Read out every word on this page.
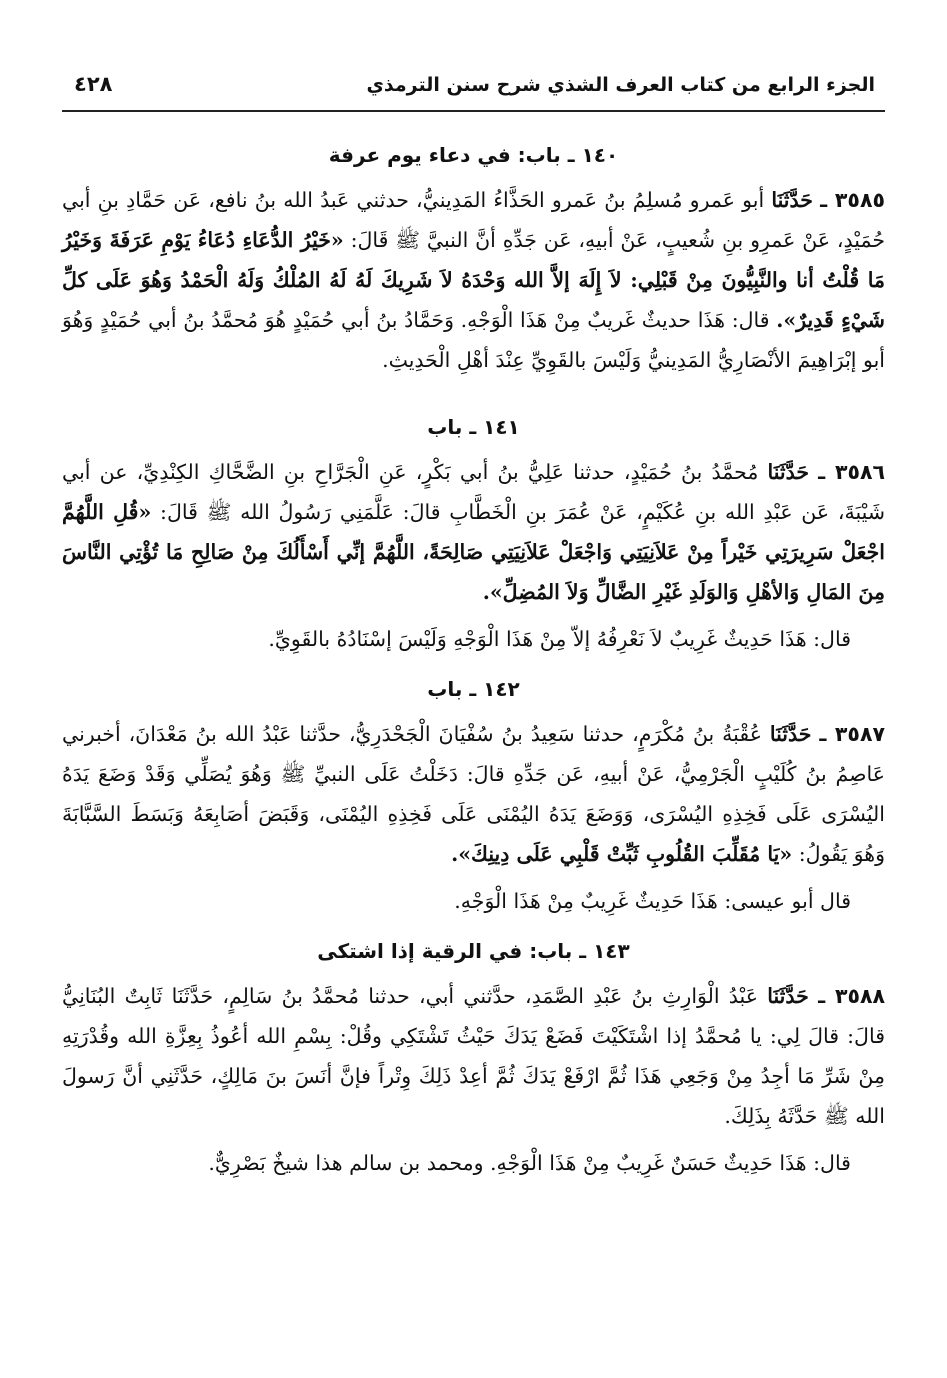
الجزء الرابع من كتاب العرف الشذي شرح سنن الترمذي
٤٢٨
١٤٠ ـ باب: في دعاء يوم عرفة

٣٥٨٥ ـ حَدَّثَنَا أبو عَمرو مُسلِمُ بنُ عَمرو الحَذَّاءُ المَدِينيُّ، حدثني عَبدُ الله بنُ نافع، عَن حَمَّادِ بنِ أبي حُمَيْدٍ، عَنْ عَمرِو بنِ شُعيبٍ، عَنْ أبيهِ، عَن جَدِّهِ أنَّ النبيَّ ﷺ قَالَ: «خَيْرُ الدُّعَاءِ دُعَاءُ يَوْمِ عَرَفَةَ وَخَيْرُ مَا قُلْتُ أنا والنَّبِيُّونَ مِنْ قَبْلِي: لاَ إِلَهَ إلاَّ الله وَحْدَهُ لاَ شَرِيكَ لَهُ لَهُ المُلْكُ وَلَهُ الْحَمْدُ وَهُوَ عَلَى كلِّ شَيْءٍ قَدِيرٌ». قال: هَذَا حديثٌ غَريبٌ مِنْ هَذَا الْوَجْهِ. وَحَمَّادُ بنُ أبي حُمَيْدٍ هُوَ مُحمَّدُ بنُ أبي حُمَيْدٍ وَهُوَ أبو إبْرَاهِيمَ الأنْصَارِيُّ المَدِينيُّ وَلَيْسَ بالقَوِيِّ عِنْدَ أهْلِ الْحَدِيثِ.

١٤١ ـ باب

٣٥٨٦ ـ حَدَّثَنَا مُحمَّدُ بنُ حُمَيْدٍ، حدثنا عَلِيُّ بنُ أبي بَكْرٍ، عَنِ الْجَرَّاحِ بنِ الضَّحَّاكِ الكِنْدِيِّ، عن أبي شَيْبَةَ، عَن عَبْدِ الله بنِ عُكَيْمٍ، عَنْ عُمَرَ بنِ الْخَطَّابِ قالَ: عَلَّمَنِي رَسُولُ الله ﷺ قَالَ: «قُلِ اللَّهُمَّ اجْعَلْ سَرِيرَتِي خَيْراً مِنْ عَلاَنِيَتِي وَاجْعَلْ عَلاَنِيَتِي صَالِحَةً، اللَّهُمَّ إنِّي أَسْأَلُكَ مِنْ صَالِحِ مَا تُؤْتِي النَّاسَ مِنَ المَالِ وَالأهْلِ وَالوَلَدِ غَيْرِ الضَّالِّ وَلاَ المُضِلِّ».

قال: هَذَا حَدِيثٌ غَرِيبٌ لاَ نَعْرِفُهُ إلاّ مِنْ هَذَا الْوَجْهِ وَلَيْسَ إسْنَادُهُ بالقَوِيِّ.

١٤٢ ـ باب

٣٥٨٧ ـ حَدَّثَنَا عُقْبَةُ بنُ مُكْرَمٍ، حدثنا سَعِيدُ بنُ سُفْيَانَ الْجَحْدَرِيُّ، حدَّثنا عَبْدُ الله بنُ مَعْدَانَ، أخبرني عَاصِمُ بنُ كُلَيْبٍ الْجَرْمِيُّ، عَنْ أبيهِ، عَن جَدِّهِ قالَ: دَخَلْتُ عَلَى النبيِّ ﷺ وَهُوَ يُصَلِّي وَقَدْ وَضَعَ يَدَهُ اليُسْرَى عَلَى فَخِذِهِ اليُسْرَى، وَوَضَعَ يَدَهُ اليُمْنَى عَلَى فَخِذِهِ اليُمْنَى، وَقَبَضَ أصَابِعَهُ وَبَسَطَ السَّبَّابَةَ وَهُوَ يَقُولُ: «يَا مُقَلِّبَ القُلُوبِ ثَبِّتْ قَلْبِي عَلَى دِينِكَ».

قال أبو عيسى: هَذَا حَدِيثٌ غَرِيبٌ مِنْ هَذَا الْوَجْهِ.

١٤٣ ـ باب: في الرقية إذا اشتكى

٣٥٨٨ ـ حَدَّثَنَا عَبْدُ الْوَارِثِ بنُ عَبْدِ الصَّمَدِ، حدَّثني أبي، حدثنا مُحمَّدُ بنُ سَالِمٍ، حَدَّثَنَا ثَابِتٌ البُنَانِيُّ قالَ: قالَ لِي: يا مُحمَّدُ إذا اشْتَكَيْتَ فَضَعْ يَدَكَ حَيْثُ تَشْتَكِي وقُلْ: بِسْمِ الله أعُوذُ بِعِزَّةِ الله وقُدْرَتِهِ مِنْ شَرِّ مَا أجِدُ مِنْ وَجَعِي هَذَا ثُمَّ ارْفَعْ يَدَكَ ثُمَّ أعِدْ ذَلِكَ وِتْراً فإنَّ أنَسَ بنَ مَالِكٍ، حَدَّثَنِي أنَّ رَسولَ الله ﷺ حَدَّثَهُ بِذَلِكَ.

قال: هَذَا حَدِيثٌ حَسَنٌ غَرِيبٌ مِنْ هَذَا الْوَجْهِ. ومحمد بن سالم هذا شيخٌ بَصْرِيٌّ.
